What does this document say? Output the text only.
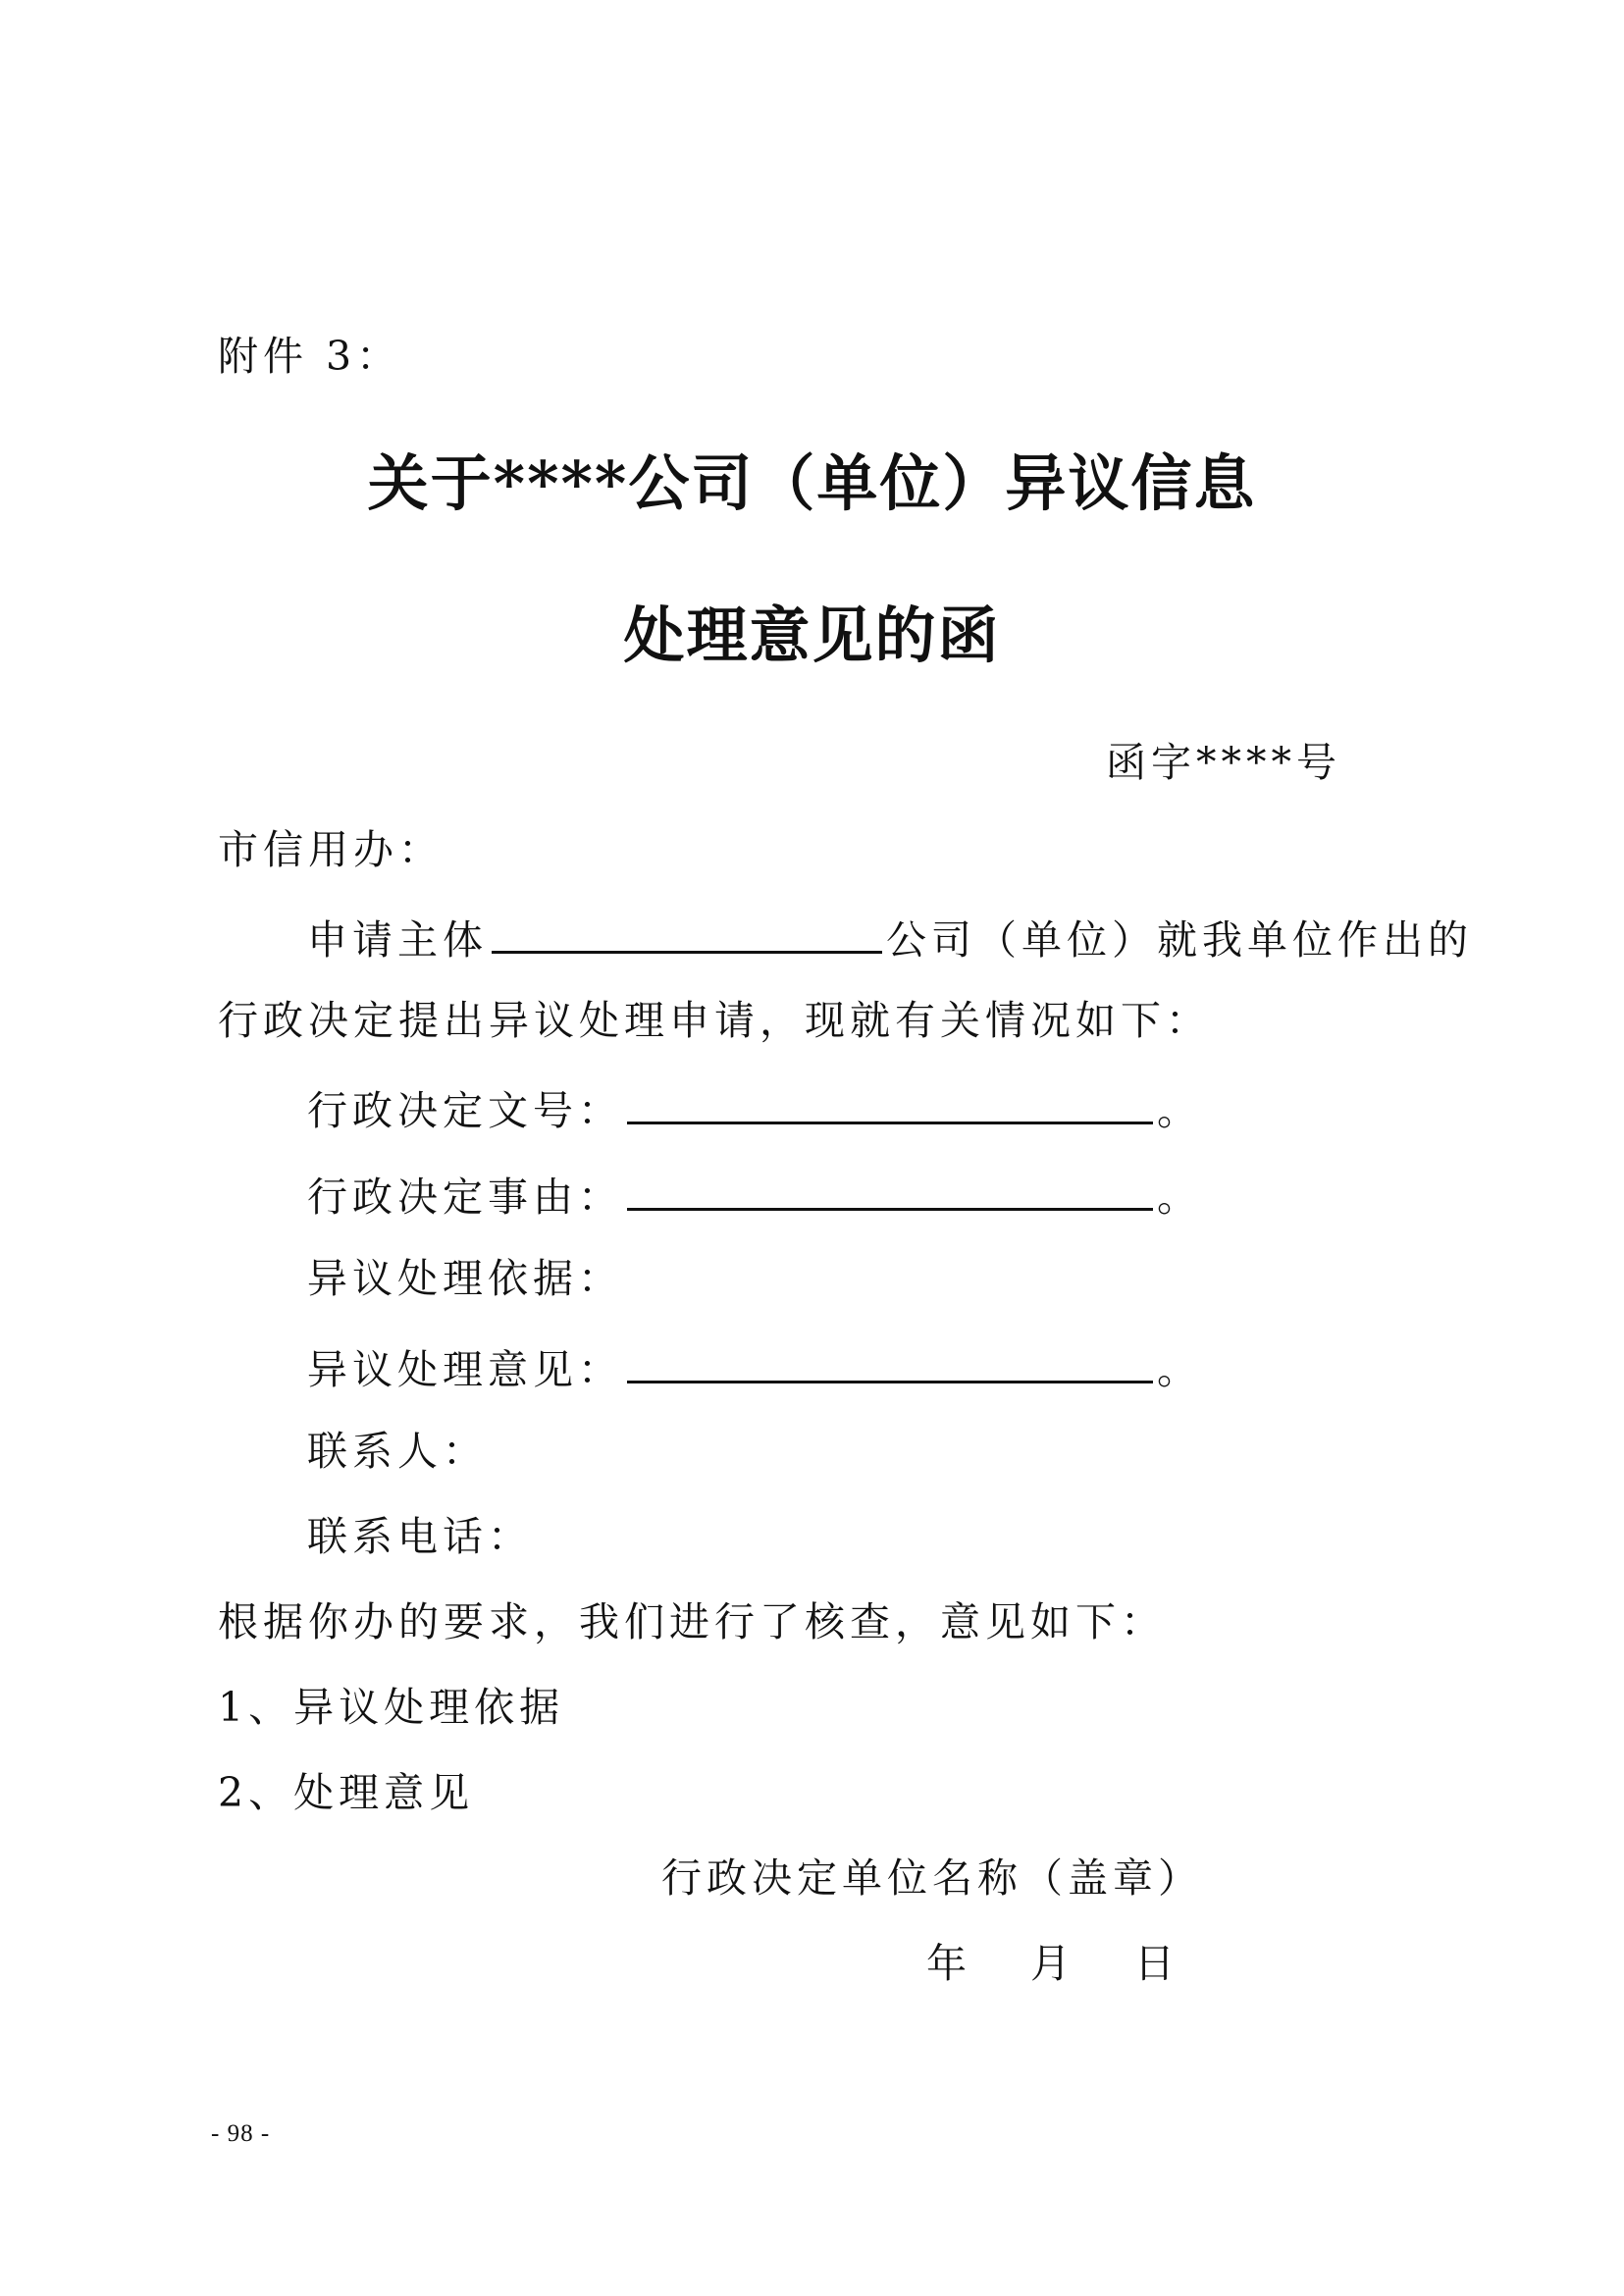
附件 3：
关于****公司（单位）异议信息
处理意见的函
函字****号
市信用办：
申请主体	公司（单位）就我单位作出的
行政决定提出异议处理申请，现就有关情况如下：
行政决定文号：	。
行政决定事由：	。
异议处理依据：
异议处理意见：	。
联系人：
联系电话：
根据你办的要求，我们进行了核查，意见如下：
1、异议处理依据
2、处理意见
行政决定单位名称（盖章）
年　月　日
- 98 -
